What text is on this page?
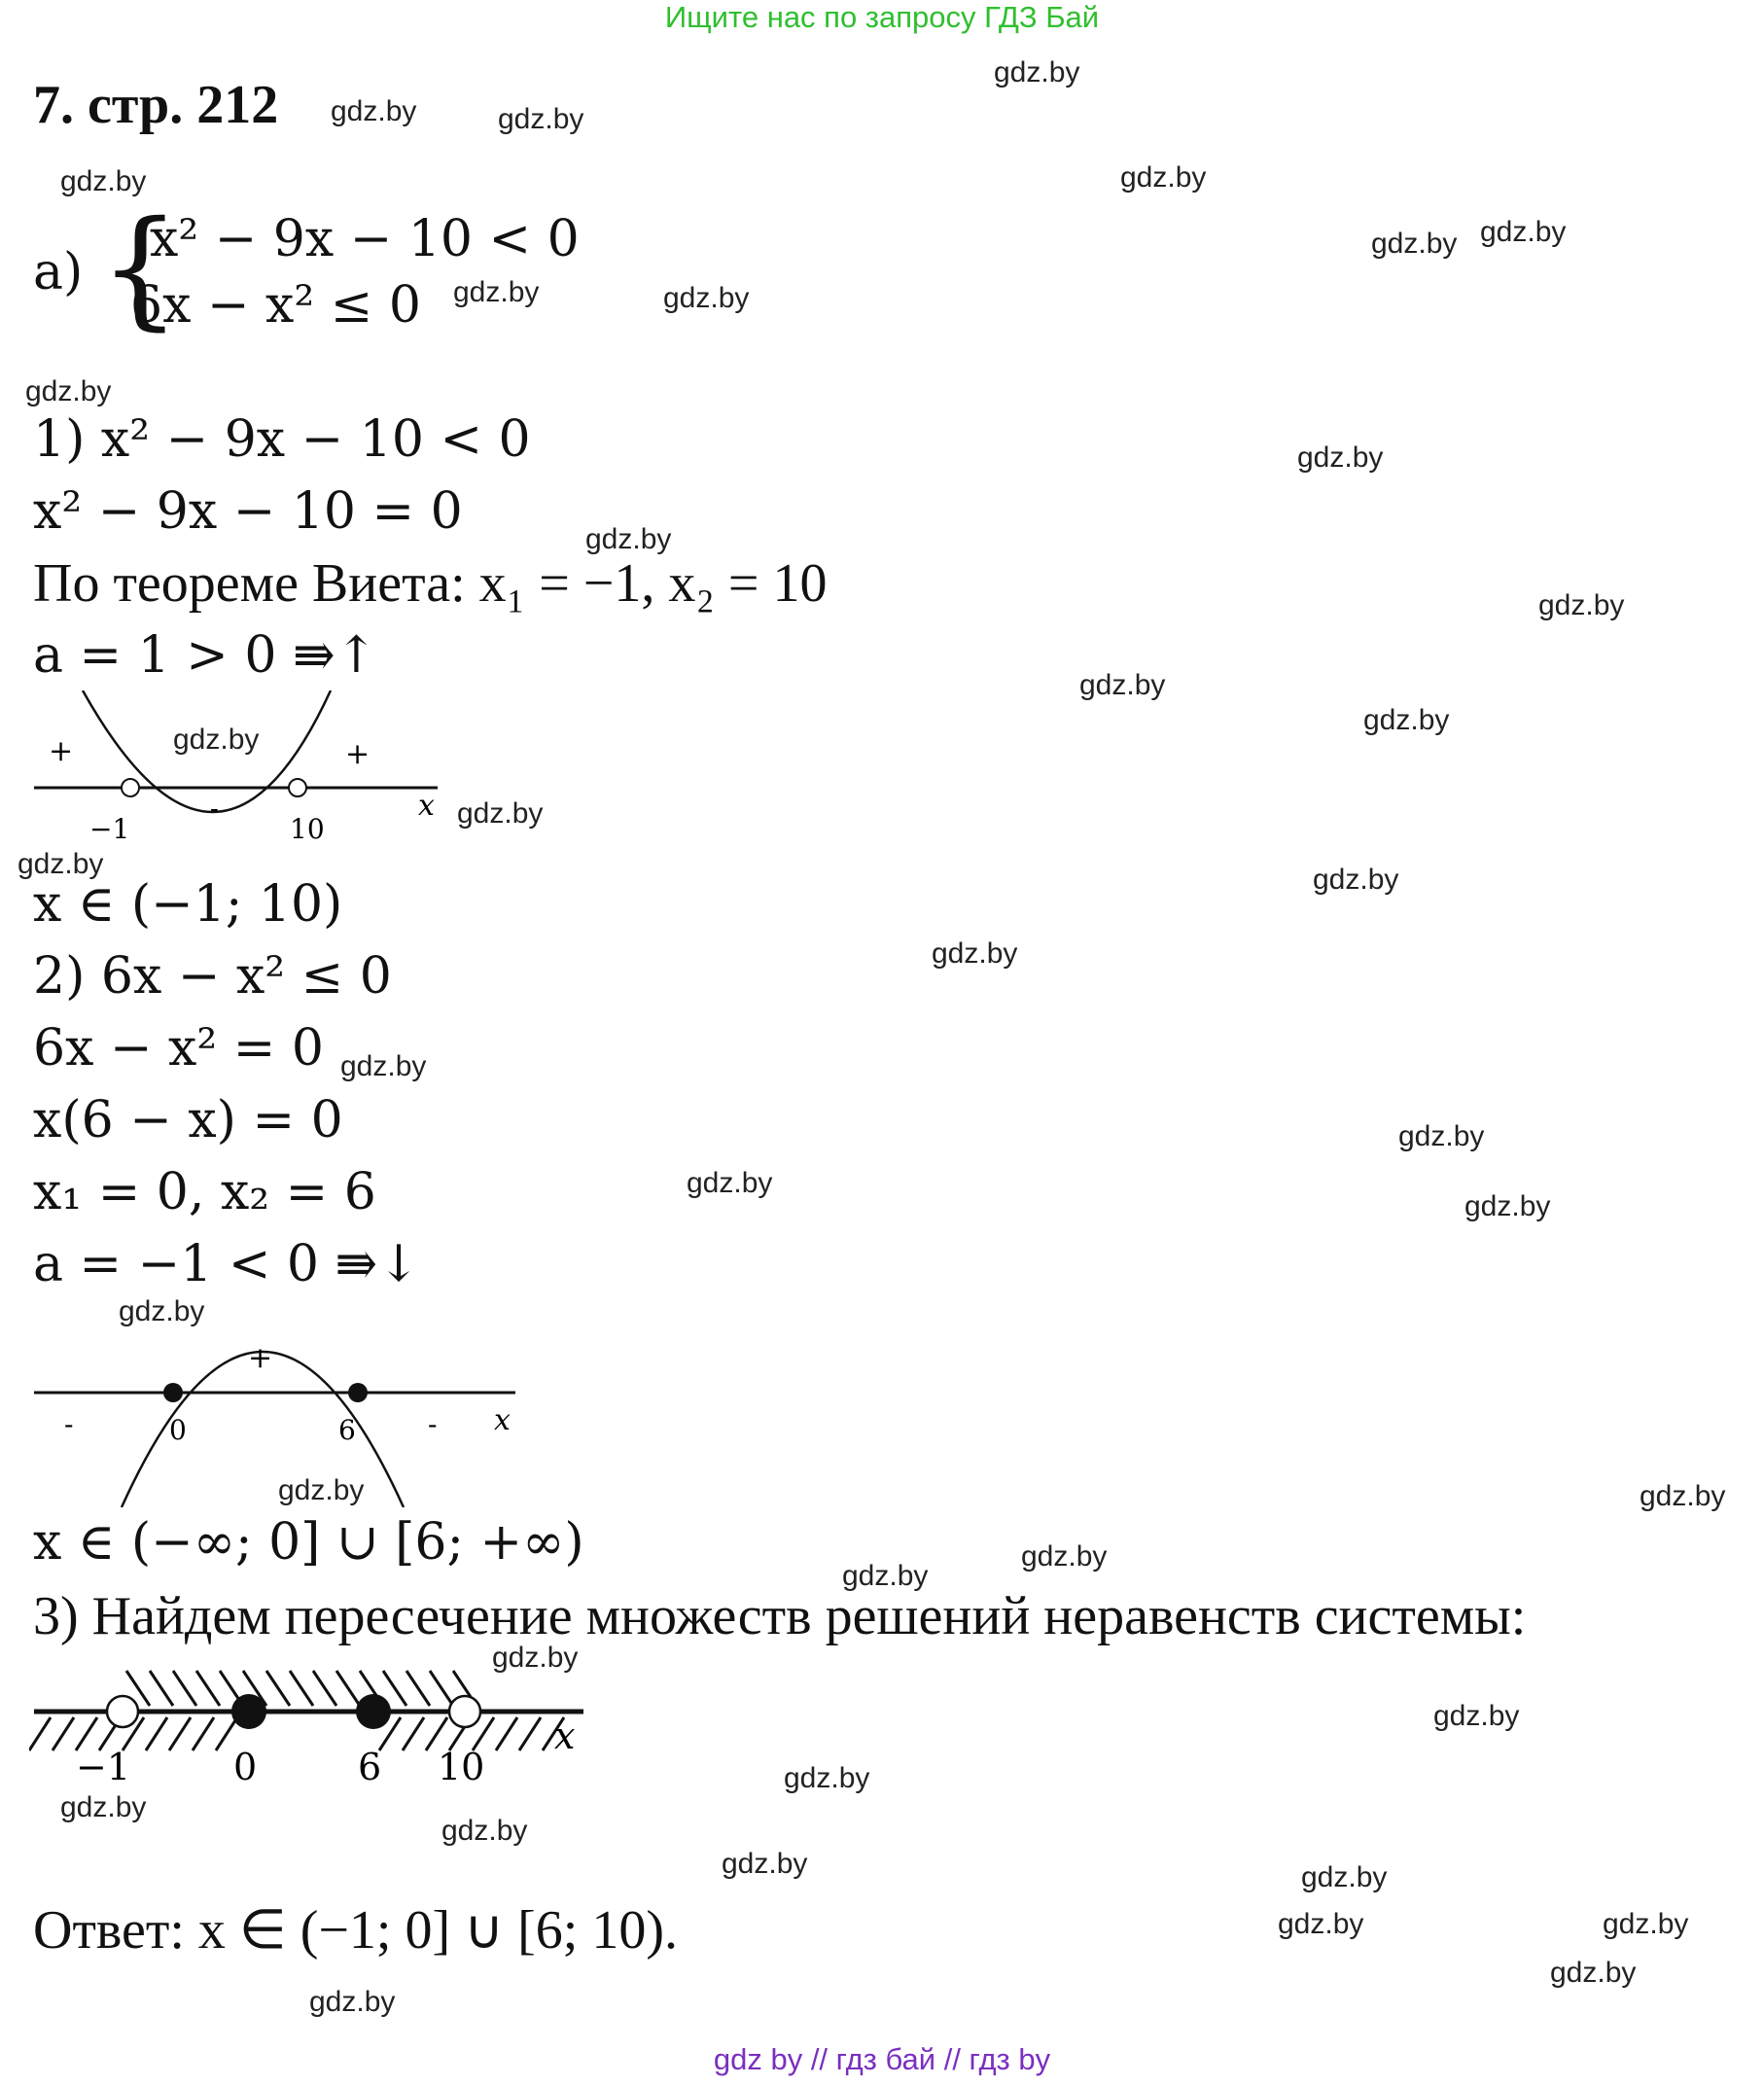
Ищите нас по запросу ГДЗ Бай
7. стр. 212
а) {
x² − 9x − 10 < 0
6x − x² ≤ 0
1) x² − 9x − 10 < 0
x² − 9x − 10 = 0
По теореме Виета: x₁ = −1, x₂ = 10
a = 1 > 0 ⇛↑
+
-
+
−1	10
x
x ∈ (−1; 10)
2) 6x − x² ≤ 0
6x − x² = 0
x(6 − x) = 0
x₁ = 0, x₂ = 6
a = −1 < 0 ⇛↓
-
+
-
0	6	x
x ∈ (−∞; 0] ∪ [6; +∞)
3) Найдем пересечение множеств решений неравенств системы:
−1	0	6 10
x
Ответ: x ∈ (−1; 0] ∪ [6; 10).
gdz.by
gdz.by	gdz.by
gdz.by	gdz.by
gdz.by gdz.by
gdz.by	gdz.by
gdz.by
gdz.by
gdz.by
gdz.by
gdz.by
gdz.by
gdz.by
gdz.by
gdz.by	gdz.by
gdz.by
gdz.by
gdz.by
gdz.by
gdz.by
gdz.by
gdz.by	gdz.by
gdz.by
gdz.by
gdz.by
gdz.by
gdz.by
gdz.by
gdz.by
gdz.by	gdz.by
gdz.by	gdz.by
gdz.by
gdz.by
gdz by // гдз бай // гдз by
